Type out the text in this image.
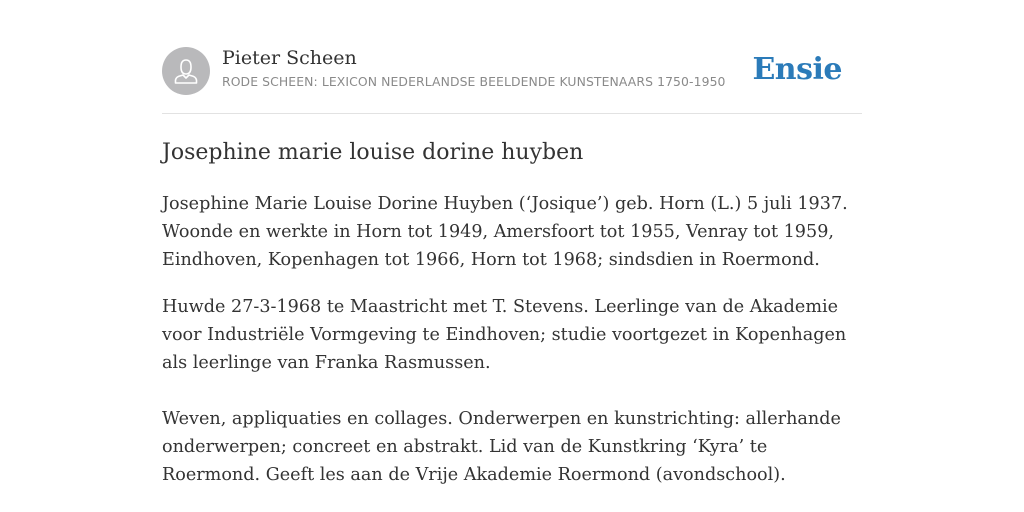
Pieter Scheen
RODE SCHEEN: LEXICON NEDERLANDSE BEELDENDE KUNSTENAARS 1750-1950 Ensie
Josephine marie louise dorine huyben

Josephine Marie Louise Dorine Huyben (‘Josique’) geb. Horn (L.) 5 juli 1937. Woonde en werkte in Horn tot 1949, Amersfoort tot 1955, Venray tot 1959, Eindhoven, Kopenhagen tot 1966, Horn tot 1968; sindsdien in Roermond.

Huwde 27-3-1968 te Maastricht met T. Stevens. Leerlinge van de Akademie voor Industriële Vormgeving te Eindhoven; studie voortgezet in Kopenhagen als leerlinge van Franka Rasmussen.

Weven, appliquaties en collages. Onderwerpen en kunstrichting: allerhande onderwerpen; concreet en abstrakt. Lid van de Kunstkring ‘Kyra’ te Roermond. Geeft les aan de Vrije Akademie Roermond (avondschool).
